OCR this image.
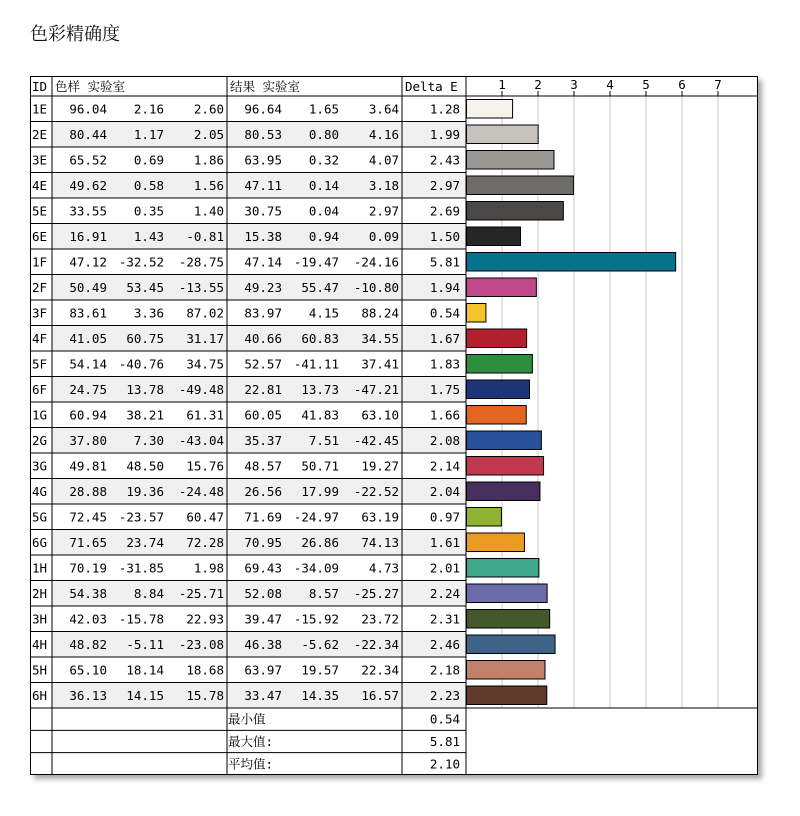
色彩精确度
ID 色样 实验室	结果 实验室	Delta E	1 2 3 4 5 6 7
1E 96.04 2.16 2.60 96.64 1.65 3.64 1.28
2E 80.44 1.17 2.05 80.53 0.80 4.16 1.99
3E 65.52 0.69 1.86 63.95 0.32 4.07 2.43
4E 49.62 0.58 1.56 47.11 0.14 3.18 2.97
5E 33.55 0.35 1.40 30.75 0.04 2.97 2.69
6E 16.91 1.43 -0.81 15.38 0.94 0.09 1.50
1F 47.12 -32.52 -28.75 47.14 -19.47 -24.16 5.81
2F 50.49 53.45 -13.55 49.23 55.47 -10.80 1.94
3F 83.61 3.36 87.02 83.97 4.15 88.24 0.54
4F 41.05 60.75 31.17 40.66 60.83 34.55 1.67
5F 54.14 -40.76 34.75 52.57 -41.11 37.41 1.83
6F 24.75 13.78 -49.48 22.81 13.73 -47.21 1.75
1G 60.94 38.21 61.31 60.05 41.83 63.10 1.66
2G 37.80 7.30 -43.04 35.37 7.51 -42.45 2.08
3G 49.81 48.50 15.76 48.57 50.71 19.27 2.14
4G 28.88 19.36 -24.48 26.56 17.99 -22.52 2.04
5G 72.45 -23.57 60.47 71.69 -24.97 63.19 0.97
6G 71.65 23.74 72.28 70.95 26.86 74.13 1.61
1H 70.19 -31.85 1.98 69.43 -34.09 4.73 2.01
2H 54.38 8.84 -25.71 52.08 8.57 -25.27 2.24
3H 42.03 -15.78 22.93 39.47 -15.92 23.72 2.31
4H 48.82 -5.11 -23.08 46.38 -5.62 -22.34 2.46
5H 65.10 18.14 18.68 63.97 19.57 22.34 2.18
6H 36.13 14.15 15.78 33.47 14.35 16.57 2.23
最小值	0.54
最大值:	5.81
平均值:	2.10
